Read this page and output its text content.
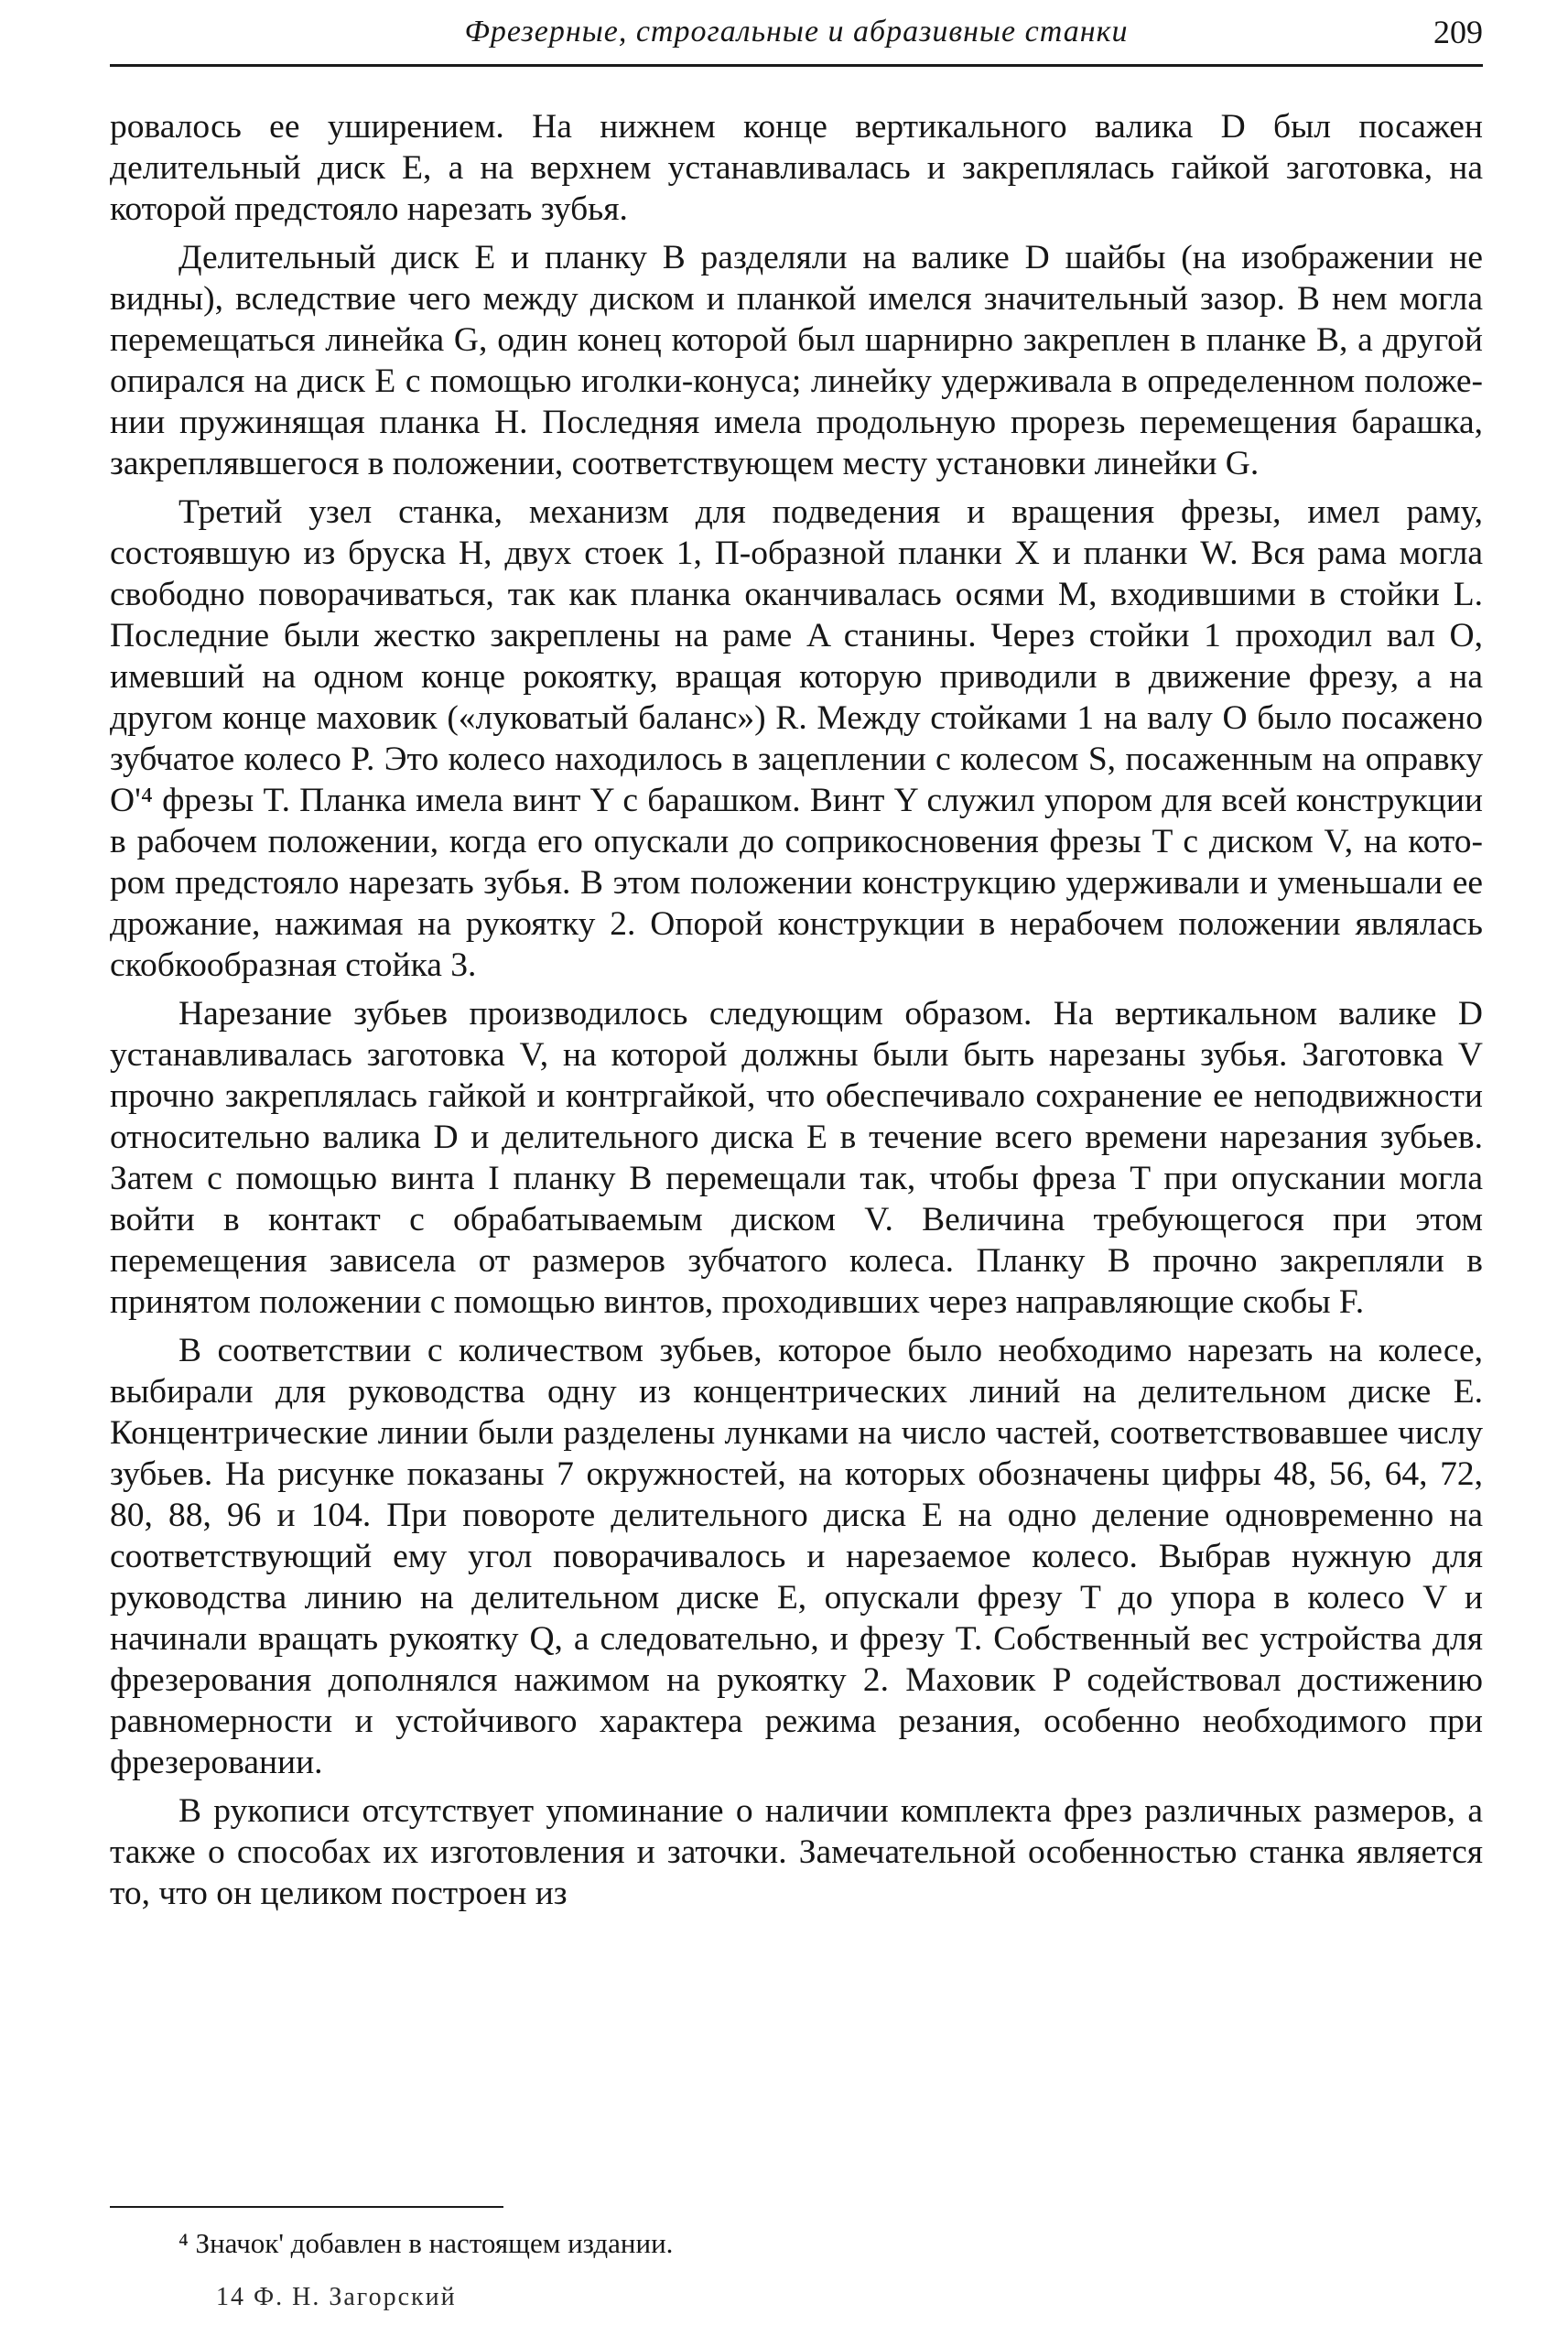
Фрезерные, строгальные и абразивные станки	209

ровалось ее уширением. На нижнем конце вертикального валика D был посажен делительный диск E, а на верхнем устанавливалась и закреплялась гайкой заготовка, на которой предстояло нарезать зубья.

Делительный диск E и планку B разделяли на валике D шайбы (на изображении не видны), вследствие чего между диском и планкой имелся значительный зазор. В нем могла перемещаться линейка G, один конец которой был шарнирно закреплен в планке B, а другой опирался на диск E с помощью иголки-конуса; линейку удерживала в определенном положении пружинящая планка H. Последняя имела продольную прорезь перемещения барашка, закреплявшегося в положении, соответствующем месту установки линейки G.

Третий узел станка, механизм для подведения и вращения фрезы, имел раму, состоявшую из бруска H, двух стоек 1, П-образной планки X и планки W. Вся рама могла свободно поворачиваться, так как планка оканчивалась осями M, входившими в стойки L. Последние были жестко закреплены на раме A станины. Через стойки 1 проходил вал O, имевший на одном конце рокоятку, вращая которую приводили в движение фрезу, а на другом конце маховик («луковатый баланс») R. Между стойками 1 на валу O было посажено зубчатое колесо P. Это колесо находилось в зацеплении с колесом S, посаженным на оправку O'⁴ фрезы T. Планка имела винт Y с барашком. Винт Y служил упором для всей конструкции в рабочем положении, когда его опускали до соприкосновения фрезы T с диском V, на котором предстояло нарезать зубья. В этом положении конструкцию удерживали и уменьшали ее дрожание, нажимая на рукоятку 2. Опорой конструкции в нерабочем положении являлась скобкообразная стойка 3.

Нарезание зубьев производилось следующим образом. На вертикальном валике D устанавливалась заготовка V, на которой должны были быть нарезаны зубья. Заготовка V прочно закреплялась гайкой и контргайкой, что обеспечивало сохранение ее неподвижности относительно валика D и делительного диска E в течение всего времени нарезания зубьев. Затем с помощью винта I планку B перемещали так, чтобы фреза T при опускании могла войти в контакт с обрабатываемым диском V. Величина требующегося при этом перемещения зависела от размеров зубчатого колеса. Планку B прочно закрепляли в принятом положении с помощью винтов, проходивших через направляющие скобы F.

В соответствии с количеством зубьев, которое было необходимо нарезать на колесе, выбирали для руководства одну из концентрических линий на делительном диске E. Концентрические линии были разделены лунками на число частей, соответствовавшее числу зубьев. На рисунке показаны 7 окружностей, на которых обозначены цифры 48, 56, 64, 72, 80, 88, 96 и 104. При повороте делительного диска E на одно деление одновременно на соответствующий ему угол поворачивалось и нарезаемое колесо. Выбрав нужную для руководства линию на делительном диске E, опускали фрезу T до упора в колесо V и начинали вращать рукоятку Q, а следовательно, и фрезу T. Собственный вес устройства для фрезерования дополнялся нажимом на рукоятку 2. Маховик P содействовал достижению равномерности и устойчивого характера режима резания, особенно необходимого при фрезеровании.

В рукописи отсутствует упоминание о наличии комплекта фрез различных размеров, а также о способах их изготовления и заточки. Замечательной особенностью станка является то, что он целиком построен из

⁴ Значок' добавлен в настоящем издании.
14 Ф. Н. Загорский
